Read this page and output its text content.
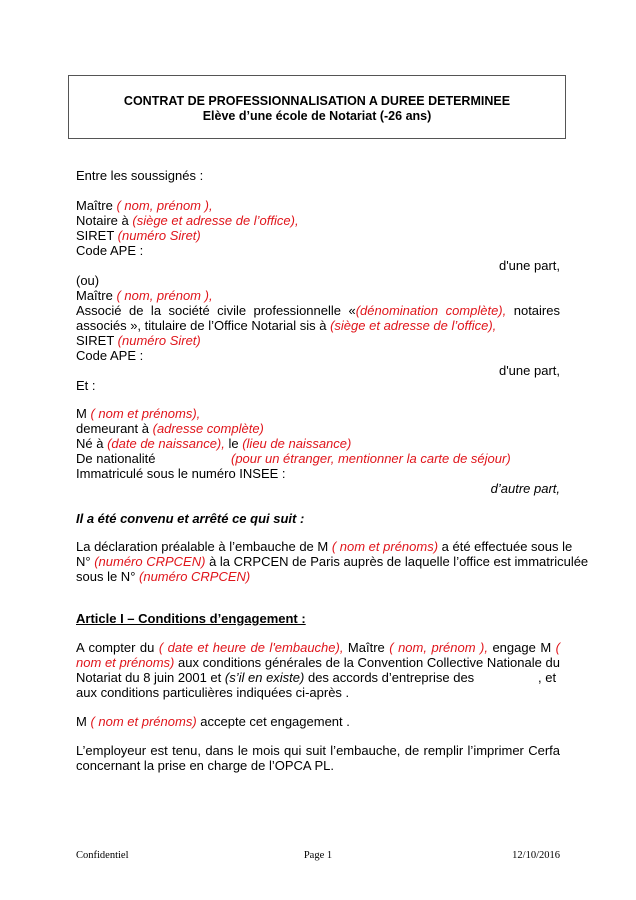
CONTRAT DE PROFESSIONNALISATION A DUREE DETERMINEE
Elève d’une école de Notariat (-26 ans)
Entre les soussignés :
Maître ( nom, prénom ),
Notaire à (siège et adresse de l’office),
SIRET (numéro Siret)
Code APE :
d'une part,
(ou)
Maître ( nom, prénom ),
Associé de la société civile professionnelle «(dénomination complète), notaires
associés », titulaire de l’Office Notarial sis à (siège et adresse de l’office),
SIRET (numéro Siret)
Code APE :
d'une part,
Et :
M ( nom et prénoms),
demeurant à (adresse complète)
Né à (date de naissance), le (lieu de naissance)
De nationalité	(pour un étranger, mentionner la carte de séjour)
Immatriculé sous le numéro INSEE :
d’autre part,
Il a été convenu et arrêté ce qui suit :
La déclaration préalable à l’embauche de M ( nom et prénoms) a été effectuée sous le
N° (numéro CRPCEN) à la CRPCEN de Paris auprès de laquelle l’office est immatriculée
sous le N° (numéro CRPCEN)
Article I – Conditions d’engagement :
A compter du ( date et heure de l'embauche), Maître ( nom, prénom ), engage M (
nom et prénoms) aux conditions générales de la Convention Collective Nationale du
Notariat du 8 juin 2001 et (s’il en existe) des accords d’entreprise des	, et
aux conditions particulières indiquées ci-après .
M ( nom et prénoms) accepte cet engagement .
L’employeur est tenu, dans le mois qui suit l’embauche, de remplir l’imprimer Cerfa
concernant la prise en charge de l’OPCA PL.
Confidentiel	Page 1	12/10/2016
